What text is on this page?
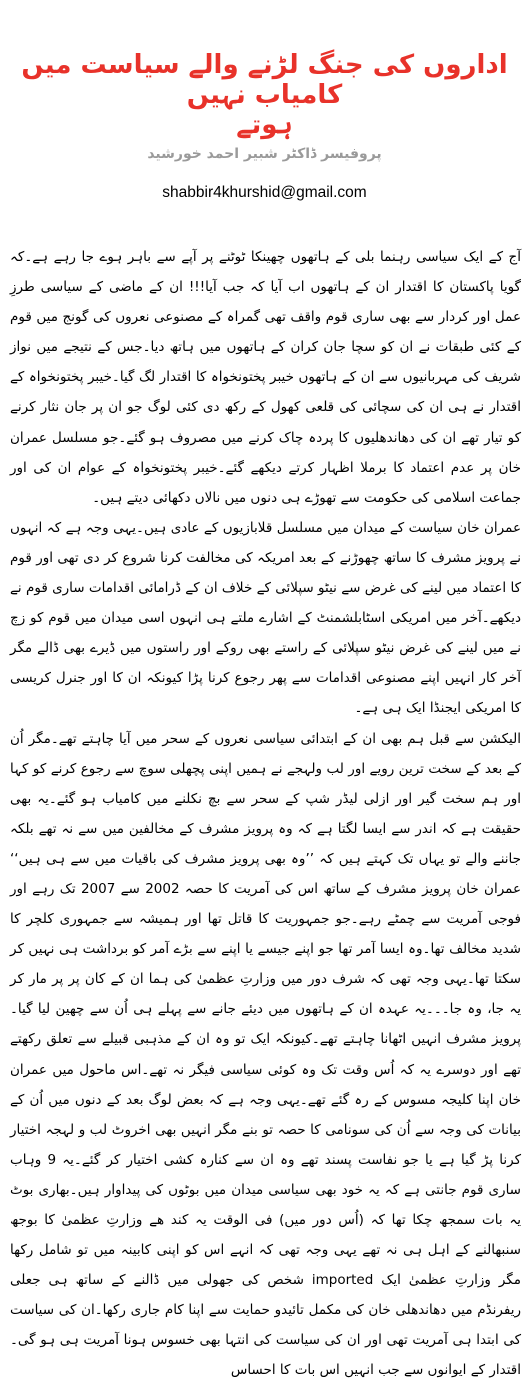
اداروں کی جنگ لڑنے والے سیاست میں کامیاب نہیں
ہوتے
پروفیسر ڈاکٹر شبیر احمد خورشید
shabbir4khurshid@gmail.com

آج کے ایک سیاسی رہنما بلی کے ہاتھوں چھینکا ٹوٹنے پر آپے سے باہر ہوے جا رہے ہے۔کہ گویا پاکستان کا اقتدار ان کے ہاتھوں اب آیا کہ جب آیا!!! ان کے ماضی کے سیاسی طرزِ عمل اور کردار سے بھی ساری قوم واقف تھی گمراہ کے مصنوعی نعروں کی گونج میں قوم کے کئی طبقات نے ان کو سچا جان کران کے ہاتھوں میں ہاتھ دیا۔جس کے نتیجے میں نواز شریف کی مہربانیوں سے ان کے ہاتھوں خیبر پختونخواہ کا اقتدار لگ گیا۔خیبر پختونخواہ کے اقتدار نے ہی ان کی سچائی کی قلعی کھول کے رکھ دی کئی لوگ جو ان پر جان نثار کرنے کو تیار تھے ان کی دھاندھلیوں کا پردہ چاک کرنے میں مصروف ہو گئے۔جو مسلسل عمران خان پر عدم اعتماد کا برملا اظہار کرتے دیکھے گئے۔خیبر پختونخواہ کے عوام ان کی اور جماعت اسلامی کی حکومت سے تھوڑے ہی دنوں میں نالاں دکھائی دیتے ہیں۔

عمران خان سیاست کے میدان میں مسلسل قلابازیوں کے عادی ہیں۔یہی وجہ ہے کہ انہوں نے پرویز مشرف کا ساتھ چھوڑنے کے بعد امریکہ کی مخالفت کرنا شروع کر دی تھی اور قوم کا اعتماد میں لینے کی غرض سے نیٹو سپلائی کے خلاف ان کے ڈرامائی اقدامات ساری قوم نے دیکھے۔آخر میں امریکی اسٹابلشمنٹ کے اشارے ملتے ہی انہوں اسی میدان میں قوم کو زچ نے میں لینے کی غرض نیٹو سپلائی کے راستے بھی روکے اور راستوں میں ڈیرے بھی ڈالے مگر آخر کار انہیں اپنے مصنوعی اقدامات سے پھر رجوع کرنا پڑا کیونکہ ان کا اور جنرل کریسی کا امریکی ایجنڈا ایک ہی ہے۔

الیکشن سے قبل ہم بھی ان کے ابتدائی سیاسی نعروں کے سحر میں آیا چاہتے تھے۔مگر اُن کے بعد کے سخت ترین رویے اور لب ولہجے نے ہمیں اپنی پچھلی سوچ سے رجوع کرنے کو کہا اور ہم سخت گیر اور ازلی لیڈر شپ کے سحر سے بچ نکلنے میں کامیاب ہو گئے۔یہ بھی حقیقت ہے کہ اندر سے ایسا لگتا ہے کہ وہ پرویز مشرف کے مخالفین میں سے نہ تھے بلکہ جاننے والے تو یہاں تک کہتے ہیں کہ ’’وہ بھی پرویز مشرف کی باقیات میں سے ہی ہیں‘‘ عمران خان پرویز مشرف کے ساتھ اس کی آمریت کا حصہ 2002 سے 2007 تک رہے اور فوجی آمریت سے چمٹے رہے۔جو جمہوریت کا قاتل تھا اور ہمیشہ سے جمہوری کلچر کا شدید مخالف تھا۔وہ ایسا آمر تھا جو اپنے جیسے یا اپنے سے بڑے آمر کو برداشت ہی نہیں کر سکتا تھا۔یہی وجہ تھی کہ شرف دور میں وزارتِ عظمیٰ کی ہما ان کے کان پر پر مار کر یہ جا، وہ جا۔۔۔یہ عہدہ ان کے ہاتھوں میں دیئے جانے سے پہلے ہی اُن سے چھین لیا گیا۔پرویز مشرف انہیں اٹھانا چاہتے تھے۔کیونکہ ایک تو وہ ان کے مذہبی قبیلے سے تعلق رکھتے تھے اور دوسرے یہ کہ اُس وقت تک وہ کوئی سیاسی فیگر نہ تھے۔اس ماحول میں عمران خان اپنا کلیجہ مسوس کے رہ گئے تھے۔یہی وجہ ہے کہ بعض لوگ بعد کے دنوں میں اُن کے بیانات کی وجہ سے اُن کی سونامی کا حصہ تو بنے مگر انہیں بھی اخروٹ لب و لہجہ اختیار کرنا پڑ گیا ہے یا جو نفاست پسند تھے وہ ان سے کنارہ کشی اختیار کر گئے۔یہ 9 وہاب ساری قوم جانتی ہے کہ یہ خود بھی سیاسی میدان میں بوٹوں کی پیداوار ہیں۔بھاری بوٹ یہ بات سمجھ چکا تھا کہ (اُس دور میں) فی الوقت یہ کند ھے وزارتِ عظمیٰ کا بوجھ سنبھالنے کے اہل ہی نہ تھے یہی وجہ تھی کہ انہے اس کو اپنی کابینہ میں تو شامل رکھا مگر وزارتِ عظمیٰ ایک imported شخص کی جھولی میں ڈالنے کے ساتھ ہی جعلی ریفرنڈم میں دھاندھلی خان کی مکمل تائیدو حمایت سے اپنا کام جاری رکھا۔ان کی سیاست کی ابتدا ہی آمریت تھی اور ان کی سیاست کی انتہا بھی خسوس ہونا آمریت ہی ہو گی۔اقتدار کے ایوانوں سے جب انہیں اس بات کا احساس
